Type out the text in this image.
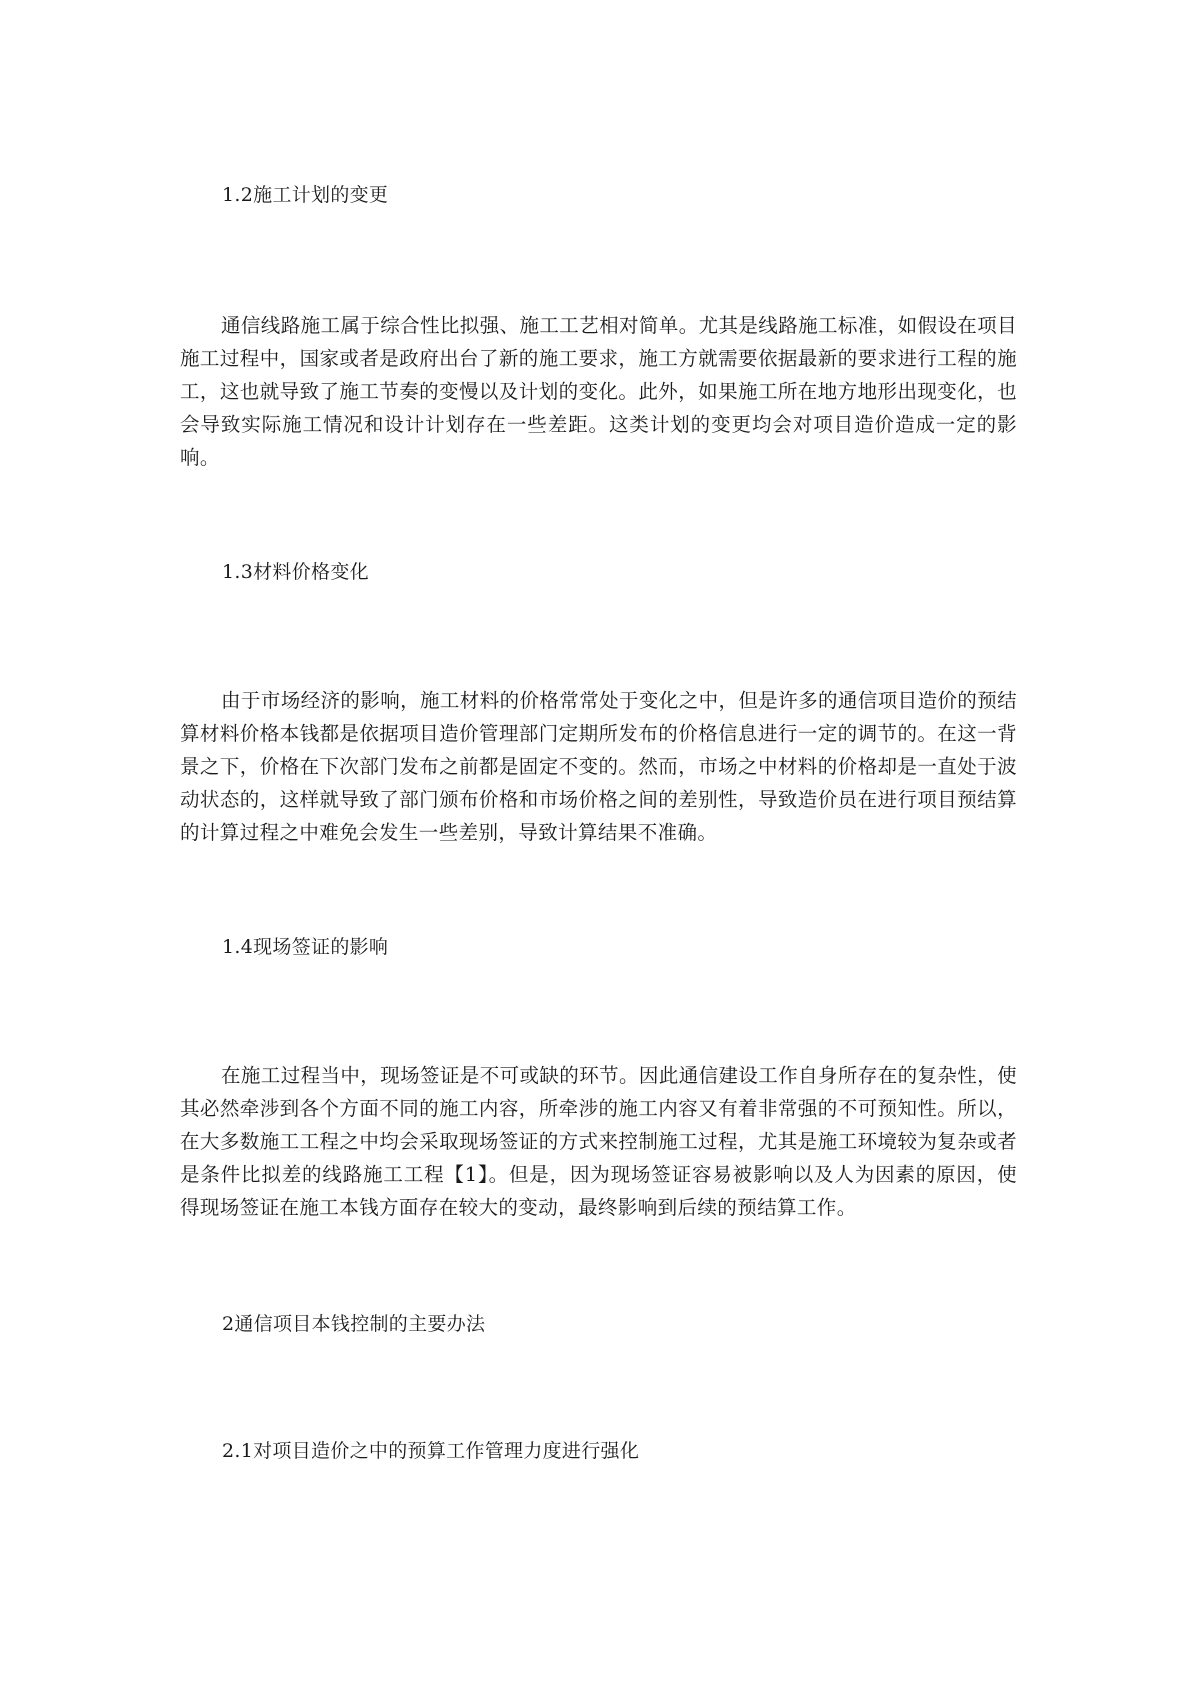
1.2施工计划的变更
通信线路施工属于综合性比拟强、施工工艺相对简单。尤其是线路施工标准，如假设在项目施工过程中，国家或者是政府出台了新的施工要求，施工方就需要依据最新的要求进行工程的施工，这也就导致了施工节奏的变慢以及计划的变化。此外，如果施工所在地方地形出现变化，也会导致实际施工情况和设计计划存在一些差距。这类计划的变更均会对项目造价造成一定的影响。
1.3材料价格变化
由于市场经济的影响，施工材料的价格常常处于变化之中，但是许多的通信项目造价的预结算材料价格本钱都是依据项目造价管理部门定期所发布的价格信息进行一定的调节的。在这一背景之下，价格在下次部门发布之前都是固定不变的。然而，市场之中材料的价格却是一直处于波动状态的，这样就导致了部门颁布价格和市场价格之间的差别性，导致造价员在进行项目预结算的计算过程之中难免会发生一些差别，导致计算结果不准确。
1.4现场签证的影响
在施工过程当中，现场签证是不可或缺的环节。因此通信建设工作自身所存在的复杂性，使其必然牵涉到各个方面不同的施工内容，所牵涉的施工内容又有着非常强的不可预知性。所以，在大多数施工工程之中均会采取现场签证的方式来控制施工过程，尤其是施工环境较为复杂或者是条件比拟差的线路施工工程【1】。但是，因为现场签证容易被影响以及人为因素的原因，使得现场签证在施工本钱方面存在较大的变动，最终影响到后续的预结算工作。
2通信项目本钱控制的主要办法
2.1对项目造价之中的预算工作管理力度进行强化
